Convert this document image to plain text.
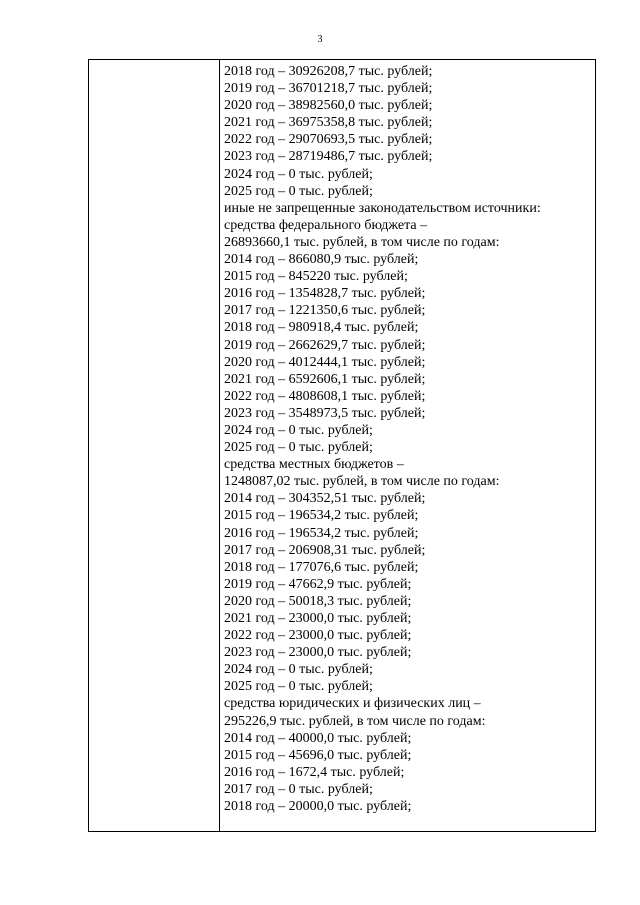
3
2018 год – 30926208,7 тыс. рублей;
2019 год – 36701218,7 тыс. рублей;
2020 год – 38982560,0 тыс. рублей;
2021 год – 36975358,8 тыс. рублей;
2022 год – 29070693,5 тыс. рублей;
2023 год – 28719486,7 тыс. рублей;
2024 год – 0 тыс. рублей;
2025 год – 0 тыс. рублей;
иные не запрещенные законодательством источники:
средства федерального бюджета –
26893660,1 тыс. рублей, в том числе по годам:
2014 год – 866080,9 тыс. рублей;
2015 год – 845220 тыс. рублей;
2016 год – 1354828,7 тыс. рублей;
2017 год – 1221350,6 тыс. рублей;
2018 год – 980918,4 тыс. рублей;
2019 год – 2662629,7 тыс. рублей;
2020 год – 4012444,1 тыс. рублей;
2021 год – 6592606,1 тыс. рублей;
2022 год – 4808608,1 тыс. рублей;
2023 год – 3548973,5 тыс. рублей;
2024 год – 0 тыс. рублей;
2025 год – 0 тыс. рублей;
средства местных бюджетов –
1248087,02 тыс. рублей, в том числе по годам:
2014 год – 304352,51 тыс. рублей;
2015 год – 196534,2 тыс. рублей;
2016 год – 196534,2 тыс. рублей;
2017 год – 206908,31 тыс. рублей;
2018 год – 177076,6 тыс. рублей;
2019 год – 47662,9 тыс. рублей;
2020 год – 50018,3 тыс. рублей;
2021 год – 23000,0 тыс. рублей;
2022 год – 23000,0 тыс. рублей;
2023 год – 23000,0 тыс. рублей;
2024 год – 0 тыс. рублей;
2025 год – 0 тыс. рублей;
средства юридических и физических лиц –
295226,9 тыс. рублей, в том числе по годам:
2014 год – 40000,0 тыс. рублей;
2015 год – 45696,0 тыс. рублей;
2016 год – 1672,4 тыс. рублей;
2017 год – 0 тыс. рублей;
2018 год – 20000,0 тыс. рублей;
